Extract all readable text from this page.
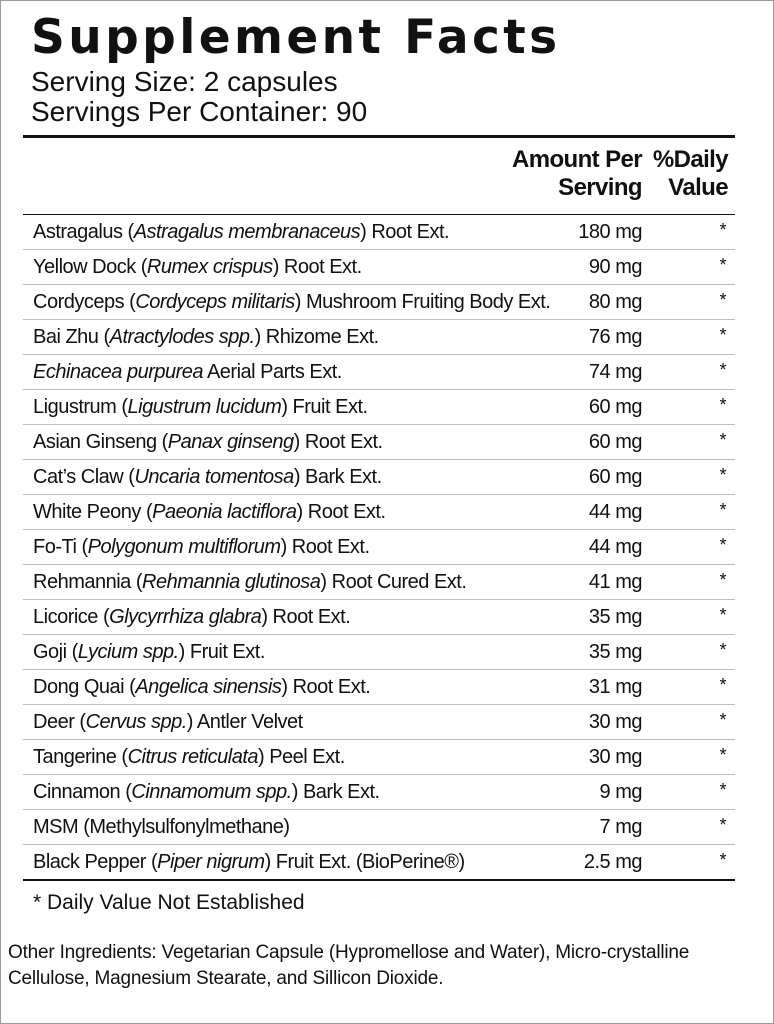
Supplement Facts
Serving Size: 2 capsules
Servings Per Container: 90
Amount Per
Serving
%Daily
Value
Astragalus (Astragalus membranaceus) Root Ext.	180 mg	*
Yellow Dock (Rumex crispus) Root Ext.	90 mg	*
Cordyceps (Cordyceps militaris) Mushroom Fruiting Body Ext. 80 mg	*
Bai Zhu (Atractylodes spp.) Rhizome Ext.	76 mg	*
Echinacea purpurea Aerial Parts Ext.	74 mg	*
Ligustrum (Ligustrum lucidum) Fruit Ext.	60 mg	*
Asian Ginseng (Panax ginseng) Root Ext.	60 mg	*
Cat’s Claw (Uncaria tomentosa) Bark Ext.	60 mg	*
White Peony (Paeonia lactiflora) Root Ext.	44 mg	*
Fo-Ti (Polygonum multiflorum) Root Ext.	44 mg	*
Rehmannia (Rehmannia glutinosa) Root Cured Ext.	41 mg	*
Licorice (Glycyrrhiza glabra) Root Ext.	35 mg	*
Goji (Lycium spp.) Fruit Ext.	35 mg	*
Dong Quai (Angelica sinensis) Root Ext.	31 mg	*
Deer (Cervus spp.) Antler Velvet	30 mg	*
Tangerine (Citrus reticulata) Peel Ext.	30 mg	*
Cinnamon (Cinnamomum spp.) Bark Ext.	9 mg	*
MSM (Methylsulfonylmethane)	7 mg	*
Black Pepper (Piper nigrum) Fruit Ext. (BioPerine®)	2.5 mg	*
* Daily Value Not Established
Other Ingredients: Vegetarian Capsule (Hypromellose and Water), Micro-crystalline Cellulose, Magnesium Stearate, and Sillicon Dioxide.
